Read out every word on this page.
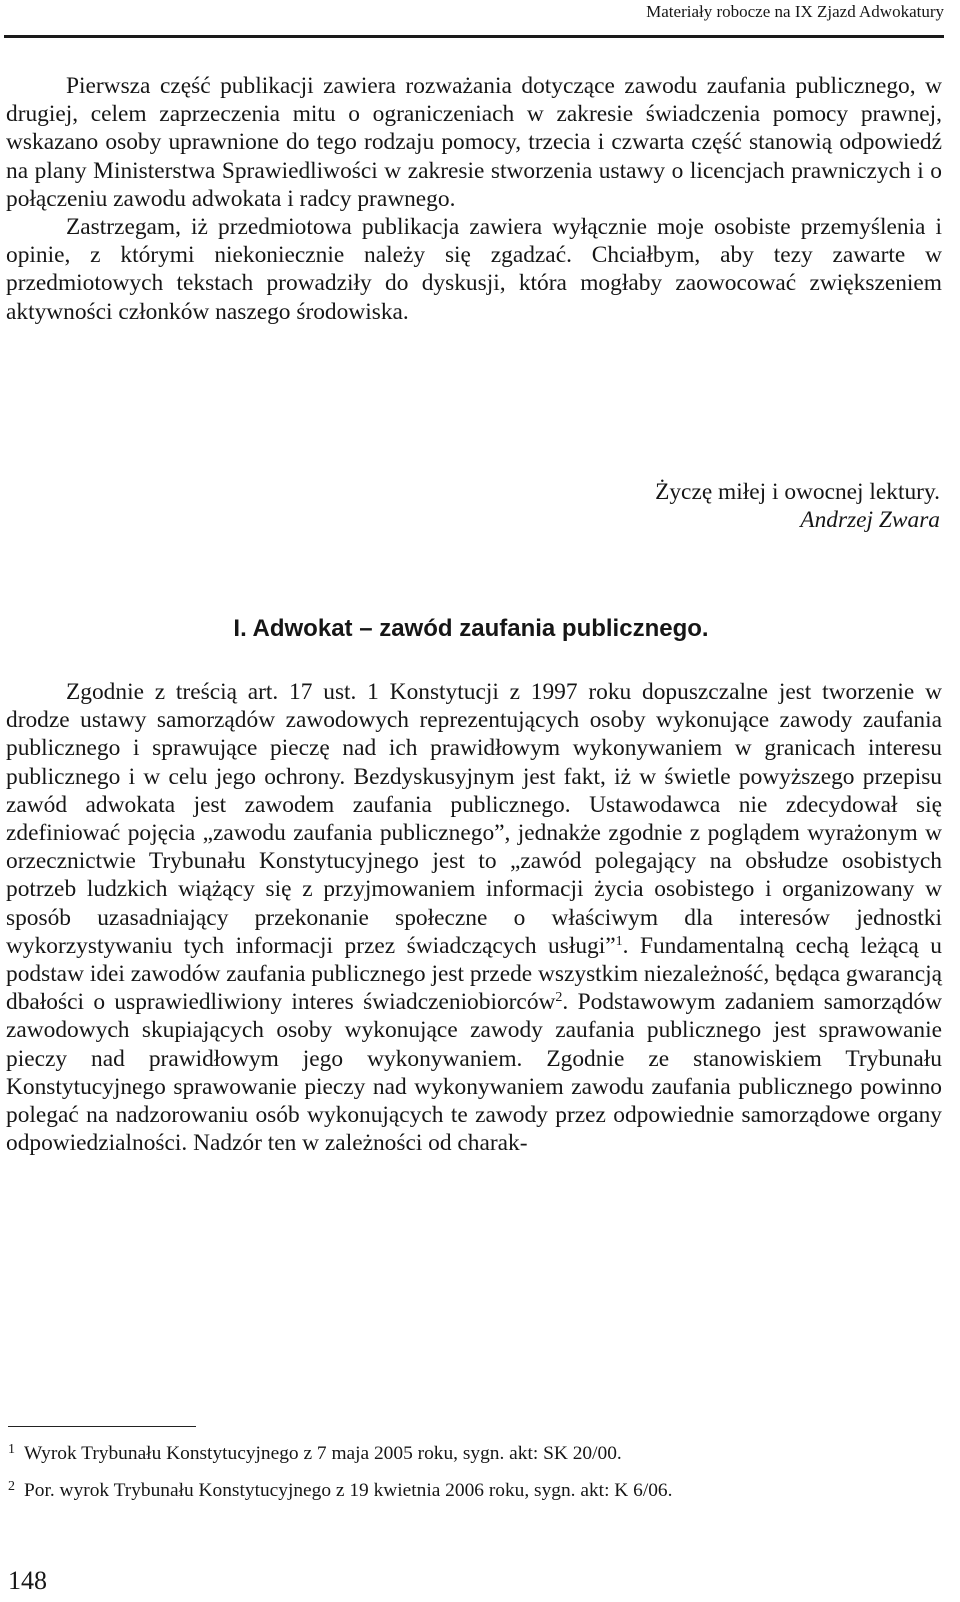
Materiały robocze na IX Zjazd Adwokatury

Pierwsza część publikacji zawiera rozważania dotyczące zawodu zaufania publicznego, w drugiej, celem zaprzeczenia mitu o ograniczeniach w zakresie świadczenia pomocy prawnej, wskazano osoby uprawnione do tego rodzaju pomocy, trzecia i czwarta część stanowią odpowiedź na plany Ministerstwa Sprawiedliwości w zakresie stworzenia ustawy o licencjach prawniczych i o połączeniu zawodu adwokata i radcy prawnego.

Zastrzegam, iż przedmiotowa publikacja zawiera wyłącznie moje osobiste przemyślenia i opinie, z którymi niekoniecznie należy się zgadzać. Chciałbym, aby tezy zawarte w przedmiotowych tekstach prowadziły do dyskusji, która mogłaby zaowocować zwiększeniem aktywności członków naszego środowiska.

Życzę miłej i owocnej lektury.
Andrzej Zwara
I. Adwokat – zawód zaufania publicznego.

Zgodnie z treścią art. 17 ust. 1 Konstytucji z 1997 roku dopuszczalne jest tworzenie w drodze ustawy samorządów zawodowych reprezentujących osoby wykonujące zawody zaufania publicznego i sprawujące pieczę nad ich prawidłowym wykonywaniem w granicach interesu publicznego i w celu jego ochrony. Bezdyskusyjnym jest fakt, iż w świetle powyższego przepisu zawód adwokata jest zawodem zaufania publicznego. Ustawodawca nie zdecydował się zdefiniować pojęcia „zawodu zaufania publicznego”, jednakże zgodnie z poglądem wyrażonym w orzecznictwie Trybunału Konstytucyjnego jest to „zawód polegający na obsłudze osobistych potrzeb ludzkich wiążący się z przyjmowaniem informacji życia osobistego i organizowany w sposób uzasadniający przekonanie społeczne o właściwym dla interesów jednostki wykorzystywaniu tych informacji przez świadczących usługi”$^1$. Fundamentalną cechą leżącą u podstaw idei zawodów zaufania publicznego jest przede wszystkim niezależność, będąca gwarancją dbałości o usprawiedliwiony interes świadczeniobiorców$^2$. Podstawowym zadaniem samorządów zawodowych skupiających osoby wykonujące zawody zaufania publicznego jest sprawowanie pieczy nad prawidłowym jego wykonywaniem. Zgodnie ze stanowiskiem Trybunału Konstytucyjnego sprawowanie pieczy nad wykonywaniem zawodu zaufania publicznego powinno polegać na nadzorowaniu osób wykonujących te zawody przez odpowiednie samorządowe organy odpowiedzialności. Nadzór ten w zależności od charak-

1 Wyrok Trybunału Konstytucyjnego z 7 maja 2005 roku, sygn. akt: SK 20/00.
2 Por. wyrok Trybunału Konstytucyjnego z 19 kwietnia 2006 roku, sygn. akt: K 6/06.
148
